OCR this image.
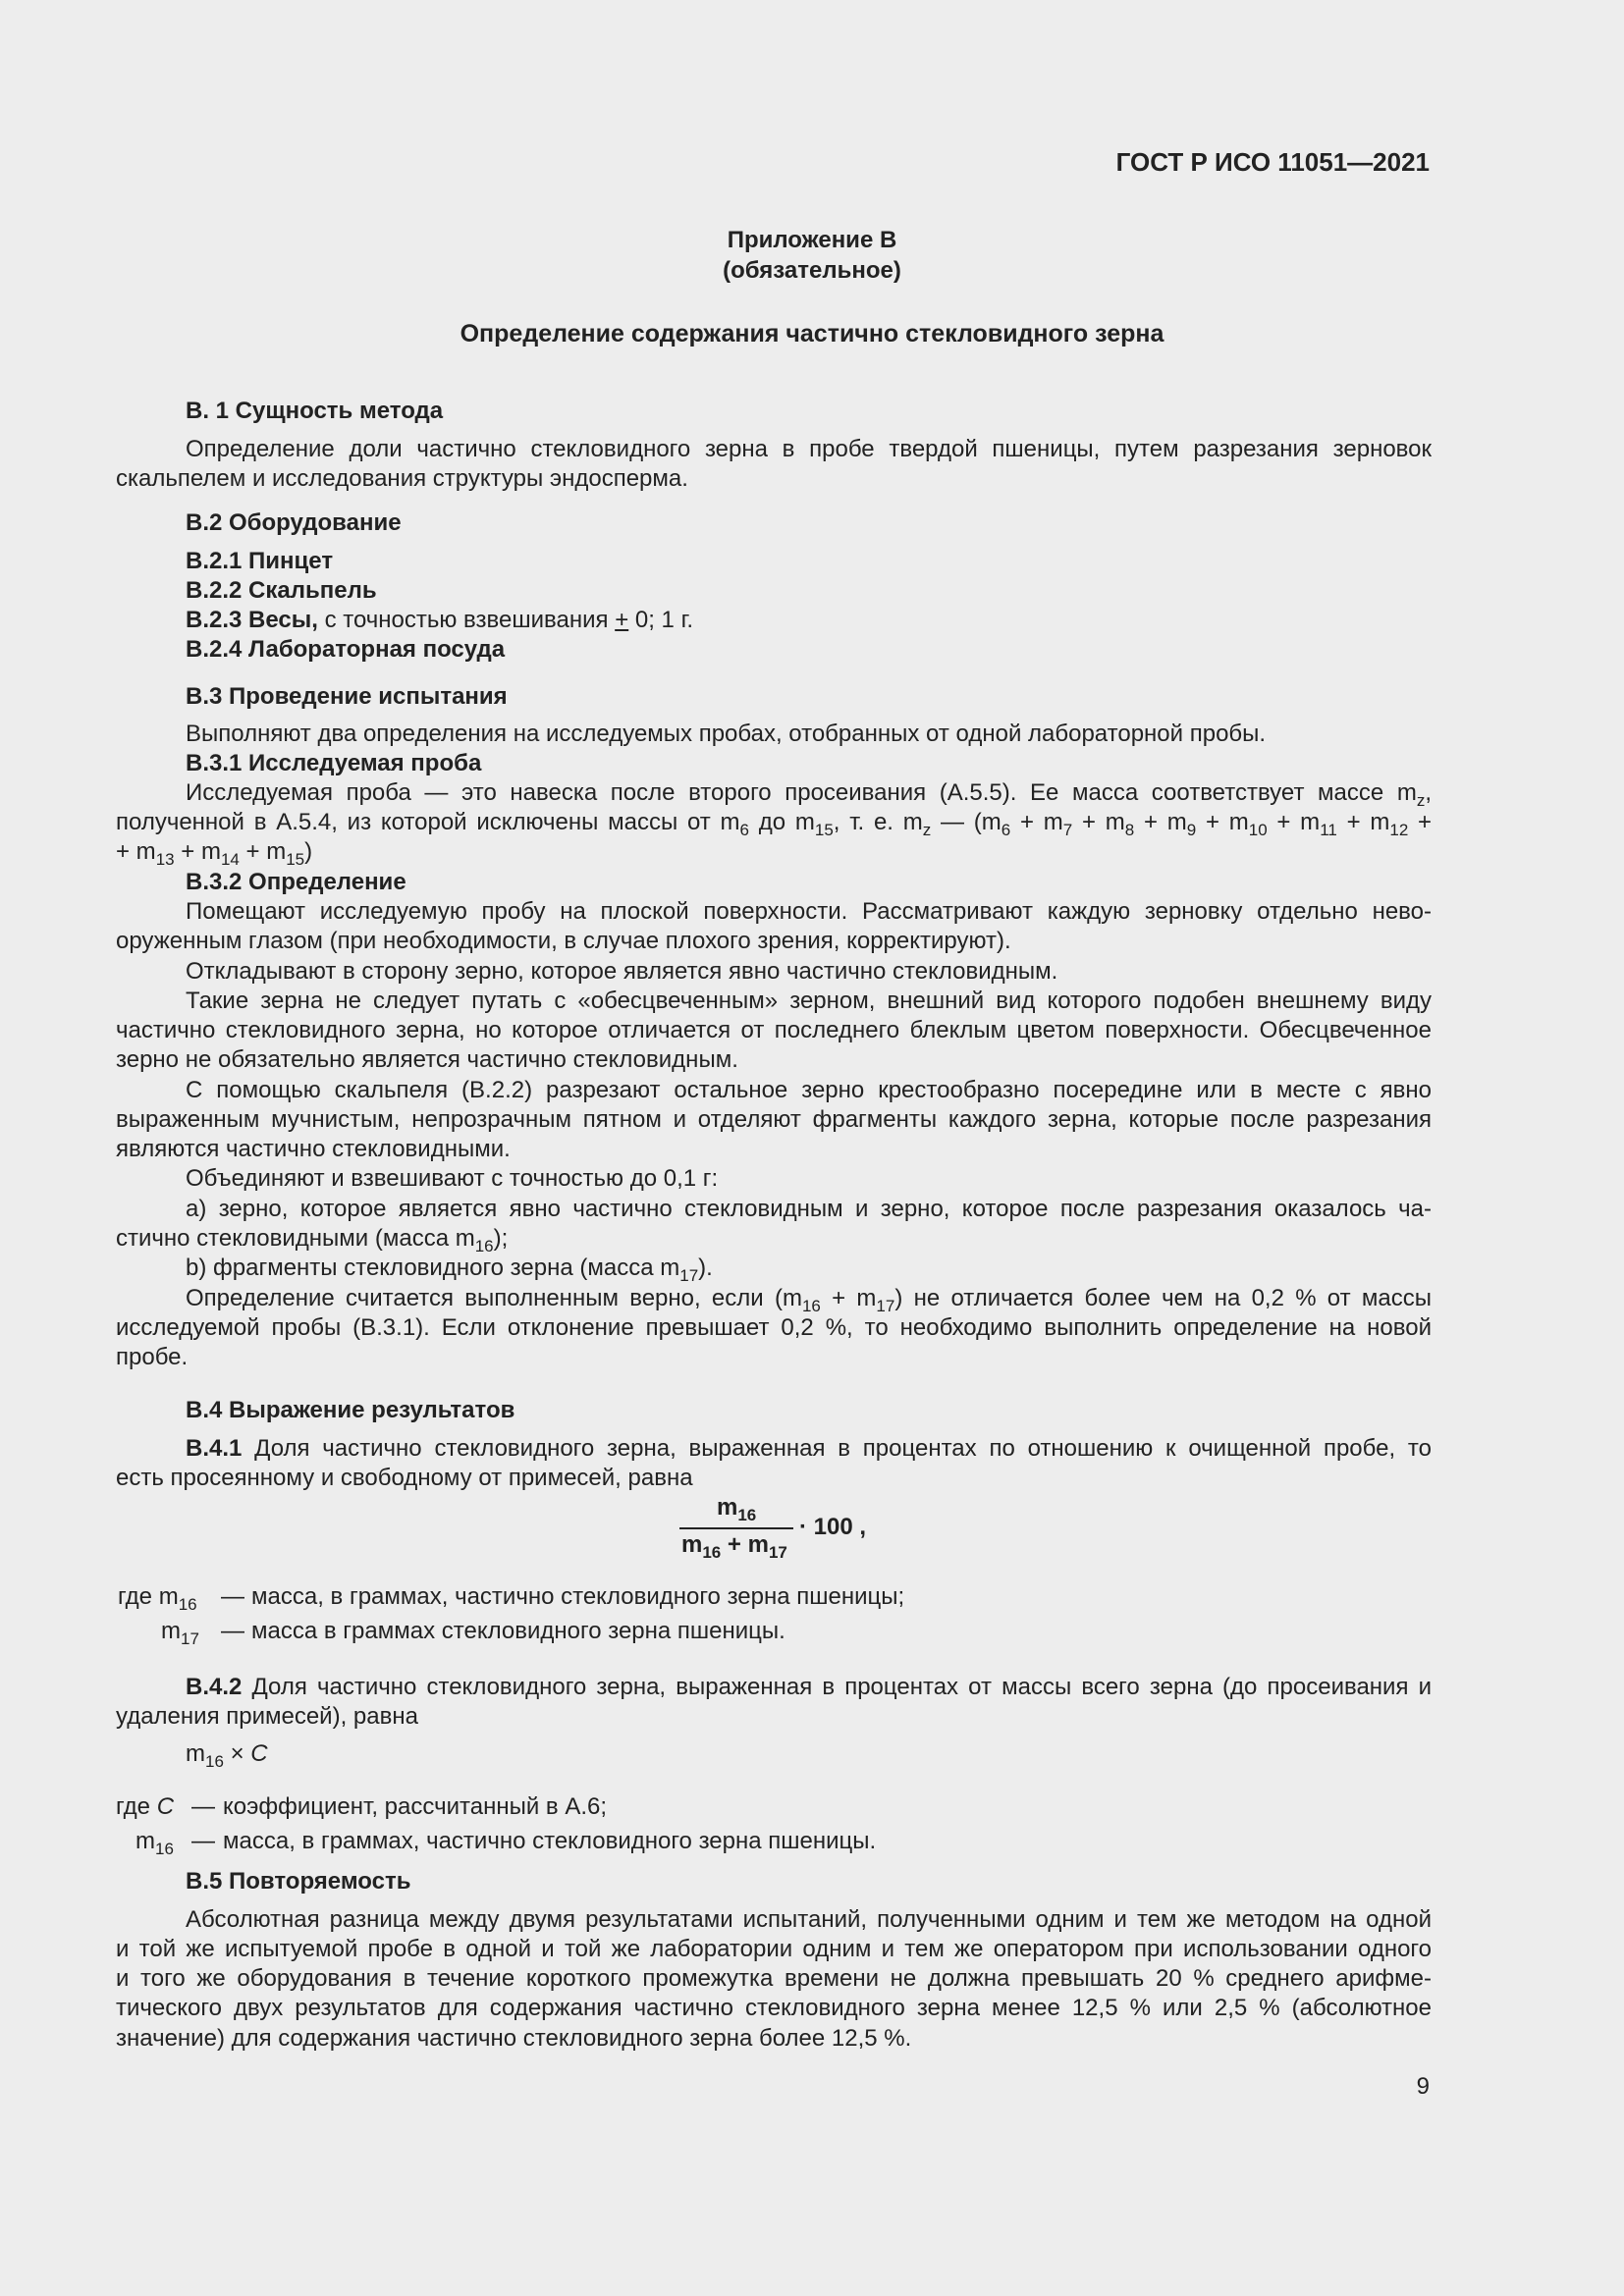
ГОСТ Р ИСО 11051—2021
Приложение В
(обязательное)
Определение содержания частично стекловидного зерна
В. 1 Сущность метода
Определение доли частично стекловидного зерна в пробе твердой пшеницы, путем разрезания зерновок
скальпелем и исследования структуры эндосперма.
В.2 Оборудование
В.2.1 Пинцет
В.2.2 Скальпель
В.2.3 Весы, с точностью взвешивания + 0; 1 г.
В.2.4 Лабораторная посуда
В.3 Проведение испытания
Выполняют два определения на исследуемых пробах, отобранных от одной лабораторной пробы.
В.3.1 Исследуемая проба
Исследуемая проба — это навеска после второго просеивания (А.5.5). Ее масса соответствует массе $m_z$,
полученной в А.5.4, из которой исключены массы от $m_6$ до $m_{15}$, т. е. $m_z$ — ($m_6 + m_7 + m_8 + m_9 + m_{10} + m_{11} + m_{12}$ +
+ $m_{13} + m_{14} + m_{15}$)
В.3.2 Определение
Помещают исследуемую пробу на плоской поверхности. Рассматривают каждую зерновку отдельно нево-
оруженным глазом (при необходимости, в случае плохого зрения, корректируют).
Откладывают в сторону зерно, которое является явно частично стекловидным.
Такие зерна не следует путать с «обесцвеченным» зерном, внешний вид которого подобен внешнему виду
частично стекловидного зерна, но которое отличается от последнего блеклым цветом поверхности. Обесцвеченное
зерно не обязательно является частично стекловидным.
С помощью скальпеля (В.2.2) разрезают остальное зерно крестообразно посередине или в месте с явно
выраженным мучнистым, непрозрачным пятном и отделяют фрагменты каждого зерна, которые после разрезания
являются частично стекловидными.
Объединяют и взвешивают с точностью до 0,1 г:
a) зерно, которое является явно частично стекловидным и зерно, которое после разрезания оказалось ча-
стично стекловидными (масса $m_{16}$);
b) фрагменты стекловидного зерна (масса $m_{17}$).
Определение считается выполненным верно, если $(m_{16} + m_{17})$ не отличается более чем на 0,2 % от массы
исследуемой пробы (В.3.1). Если отклонение превышает 0,2 %, то необходимо выполнить определение на новой
пробе.
В.4 Выражение результатов
В.4.1 Доля частично стекловидного зерна, выраженная в процентах по отношению к очищенной пробе, то
есть просеянному и свободному от примесей, равна
$m_{16}$
$m_{16} + m_{17}$
· 100 ,
где $m_{16}$ — масса, в граммах, частично стекловидного зерна пшеницы;
$m_{17}$ — масса в граммах стекловидного зерна пшеницы.
В.4.2 Доля частично стекловидного зерна, выраженная в процентах от массы всего зерна (до просеивания и
удаления примесей), равна
$m_{16} \times C$
где C — коэффициент, рассчитанный в А.6;
$m_{16}$ — масса, в граммах, частично стекловидного зерна пшеницы.
В.5 Повторяемость
Абсолютная разница между двумя результатами испытаний, полученными одним и тем же методом на одной
и той же испытуемой пробе в одной и той же лаборатории одним и тем же оператором при использовании одного
и того же оборудования в течение короткого промежутка времени не должна превышать 20 % среднего арифме-
тического двух результатов для содержания частично стекловидного зерна менее 12,5 % или 2,5 % (абсолютное
значение) для содержания частично стекловидного зерна более 12,5 %.
9
